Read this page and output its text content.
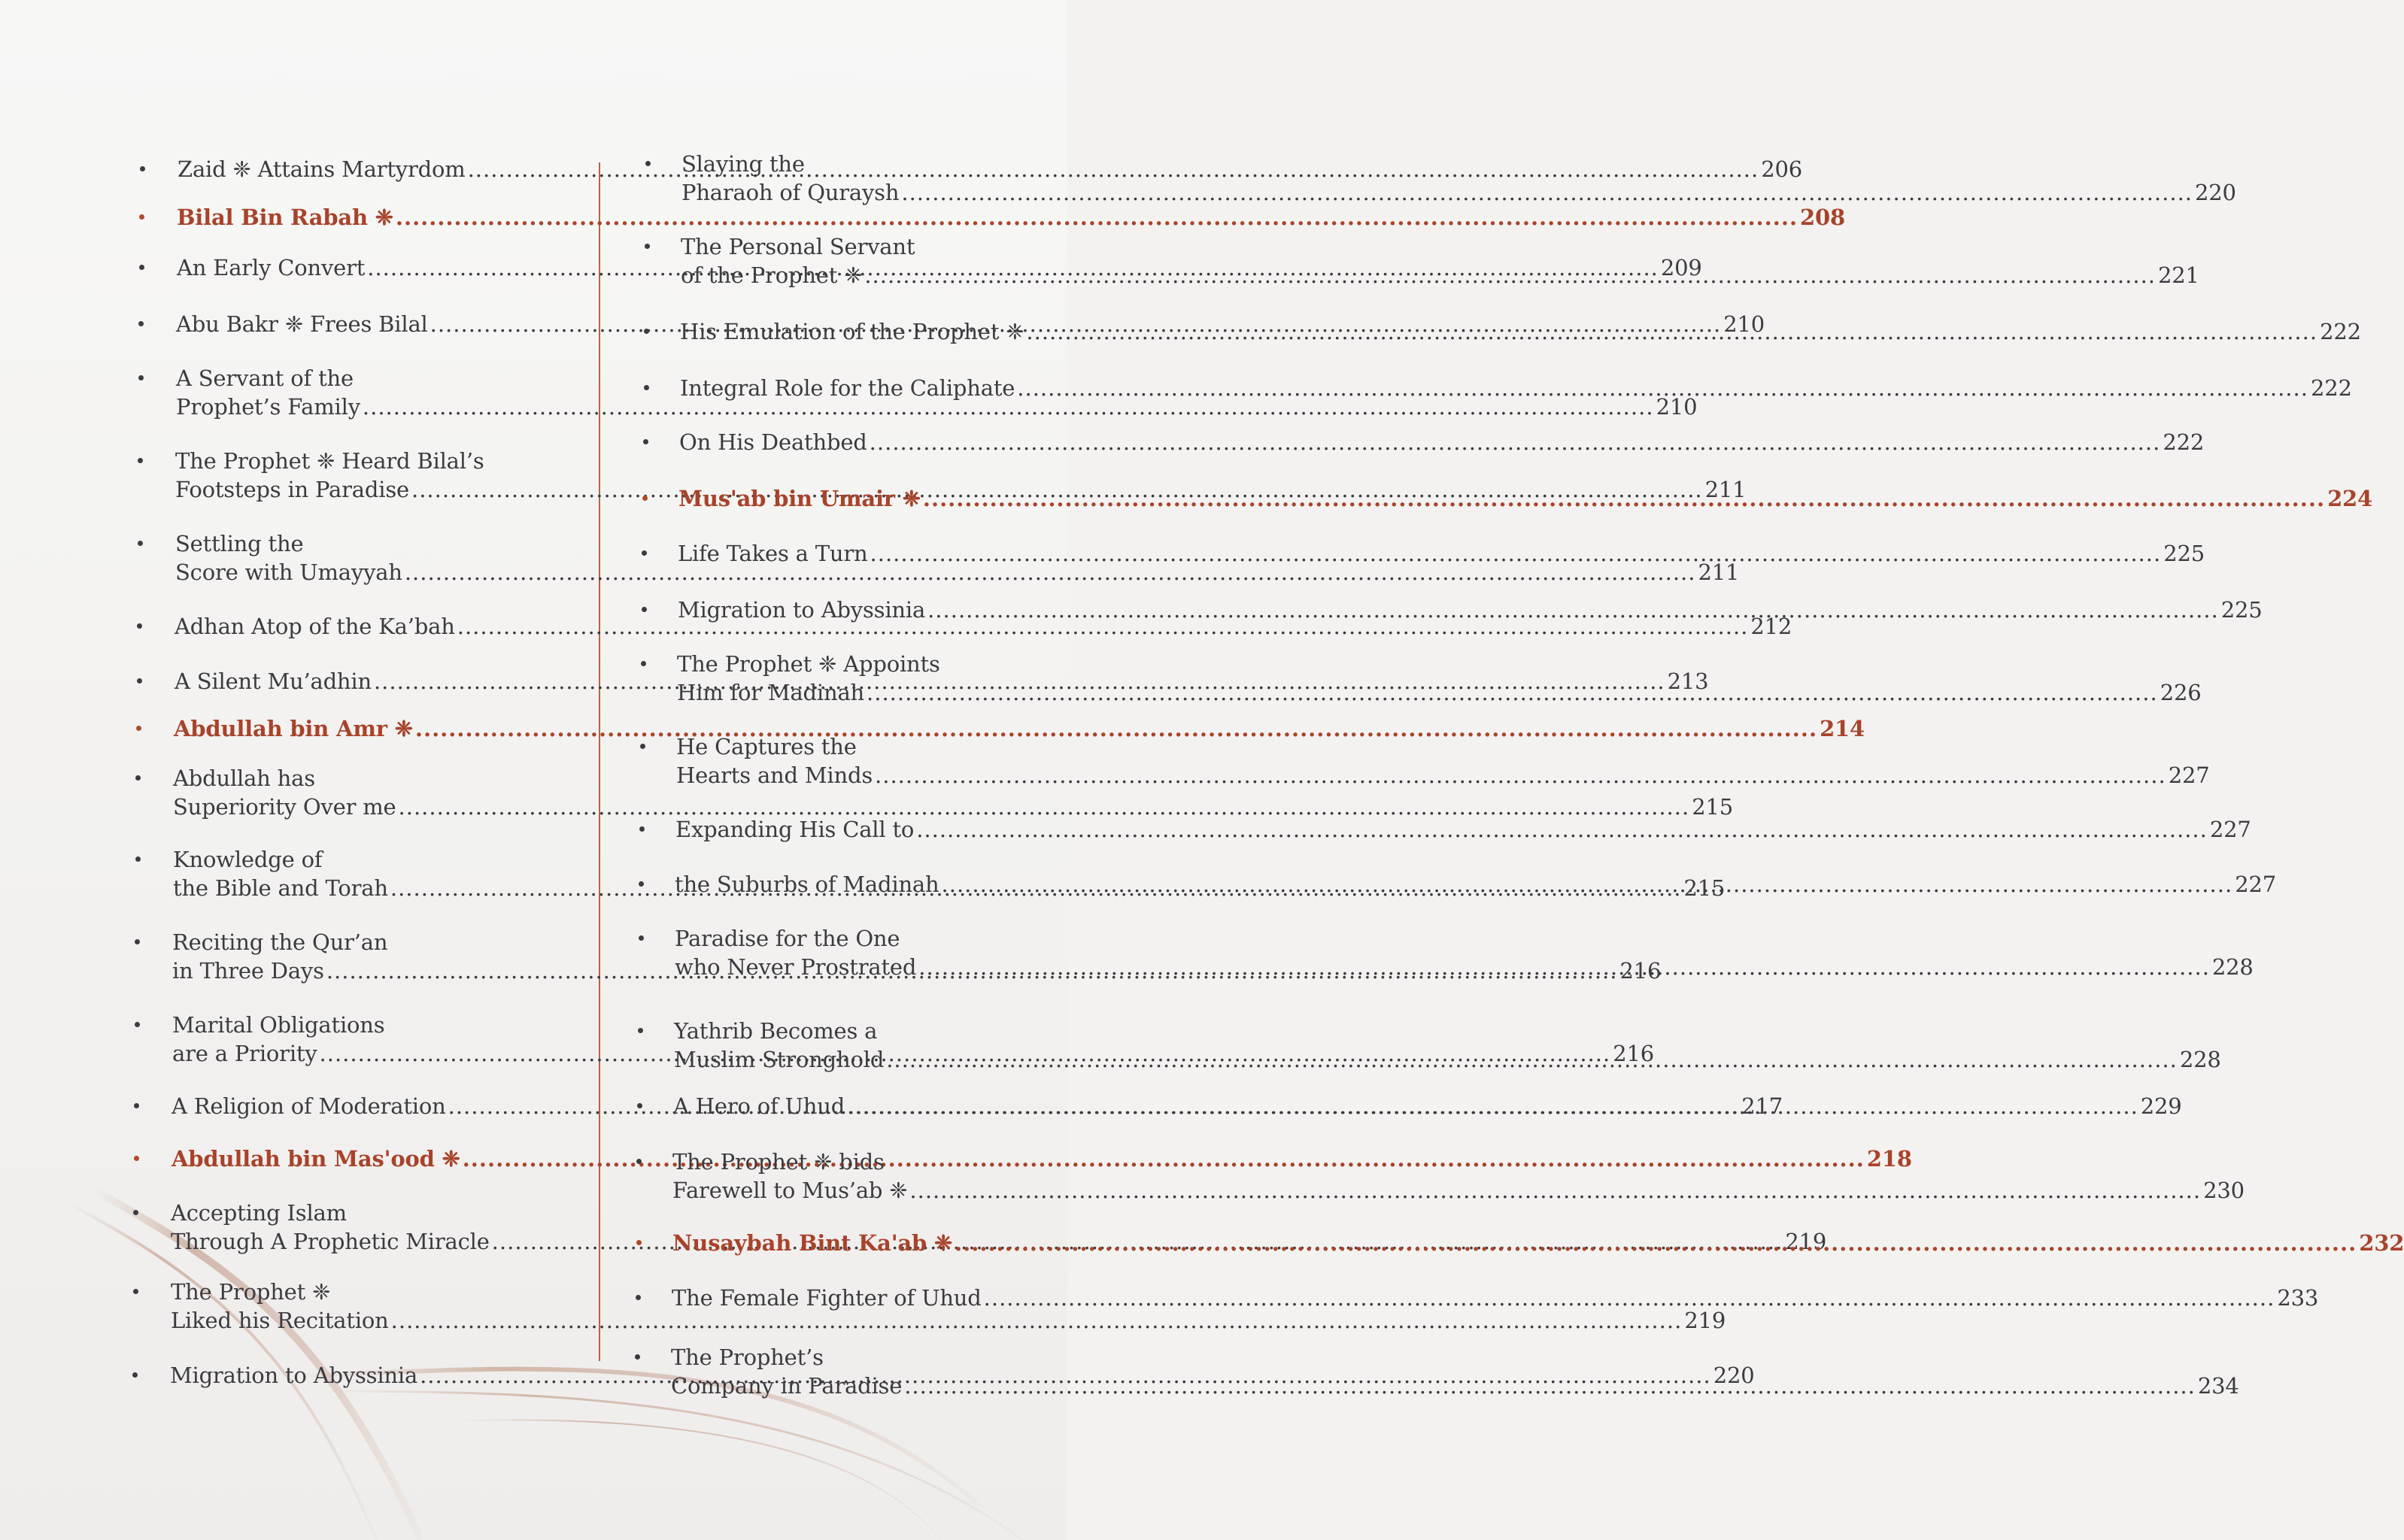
Zaid ❈ Attains Martyrdom .....	206
Bilal Bin Rabah ❈ .....	208
An Early Convert .....	209
Abu Bakr ❈ Frees Bilal .....	210
A Servant of the
Prophet’s Family .....	210
The Prophet ❈ Heard Bilal’s
Footsteps in Paradise .....	211
Settling the
Score with Umayyah .....	211
Adhan Atop of the Ka’bah .....	212
A Silent Mu’adhin .....	213
Abdullah bin Amr ❈ .....	214
Abdullah has
Superiority Over me .....	215
Knowledge of
the Bible and Torah .....	215
Reciting the Qur’an
in Three Days .....	216
Marital Obligations
are a Priority .....	216
A Religion of Moderation .....	217
Abdullah bin Mas'ood ❈ .....	218
Accepting Islam
Through A Prophetic Miracle .....	219
The Prophet ❈
Liked his Recitation .....	219
Migration to Abyssinia .....	220
Slaying the
Pharaoh of Quraysh .....	220
The Personal Servant
of the Prophet ❈ .....	221
His Emulation of the Prophet ❈ .....	222
Integral Role for the Caliphate .....	222
On His Deathbed .....	222
Mus'ab bin Umair ❈ .....	224
Life Takes a Turn .....	225
Migration to Abyssinia .....	225
The Prophet ❈ Appoints
Him for Madinah .....	226
He Captures the
Hearts and Minds .....	227
Expanding His Call to .....	227
the Suburbs of Madinah .....	227
Paradise for the One
who Never Prostrated .....	228
Yathrib Becomes a
Muslim Stronghold .....	228
A Hero of Uhud .....	229
The Prophet ❈ bids
Farewell to Mus’ab ❈ .....	230
Nusaybah Bint Ka'ab ❈ .....	232
The Female Fighter of Uhud .....	233
The Prophet’s
Company in Paradise .....	234
